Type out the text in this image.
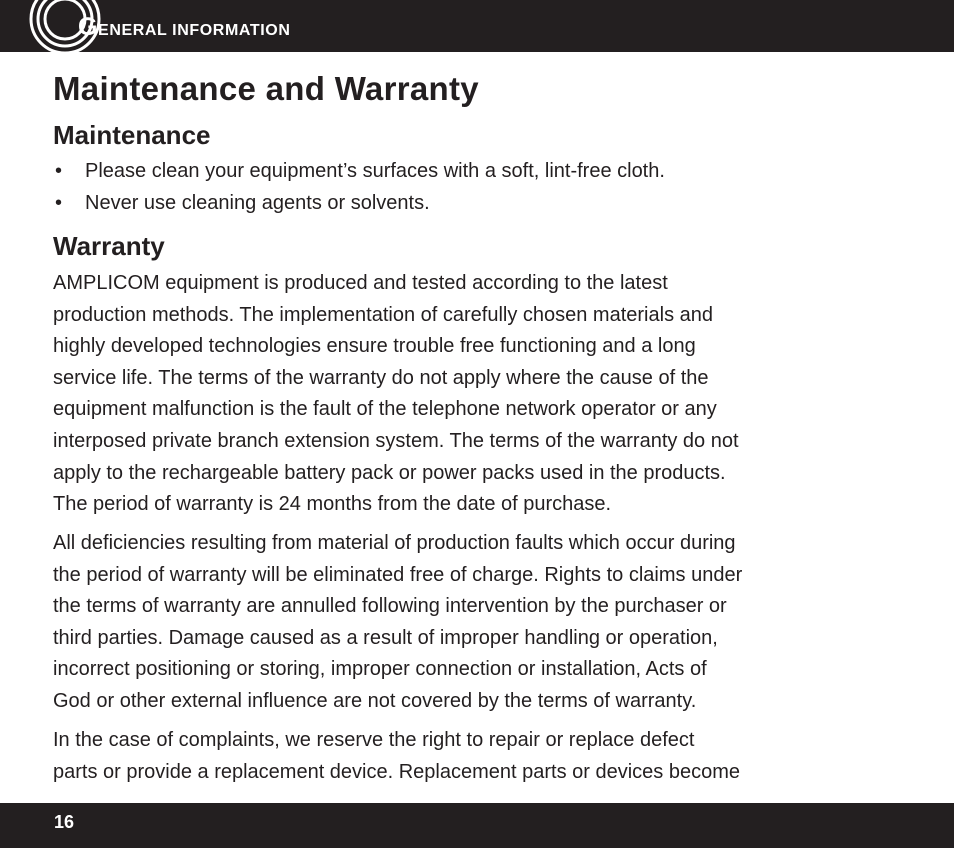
GENERAL INFORMATION
Maintenance and Warranty
Maintenance
• Please clean your equipment’s surfaces with a soft, lint-free cloth.
• Never use cleaning agents or solvents.
Warranty
AMPLICOM equipment is produced and tested according to the latest
production methods. The implementation of carefully chosen materials and
highly developed technologies ensure trouble free functioning and a long
service life. The terms of the warranty do not apply where the cause of the
equipment malfunction is the fault of the telephone network operator or any
interposed private branch extension system. The terms of the warranty do not
apply to the rechargeable battery pack or power packs used in the products.
The period of warranty is 24 months from the date of purchase.
All deficiencies resulting from material of production faults which occur during
the period of warranty will be eliminated free of charge. Rights to claims under
the terms of warranty are annulled following intervention by the purchaser or
third parties. Damage caused as a result of improper handling or operation,
incorrect positioning or storing, improper connection or installation, Acts of
God or other external influence are not covered by the terms of warranty.
In the case of complaints, we reserve the right to repair or replace defect
parts or provide a replacement device. Replacement parts or devices become
16
